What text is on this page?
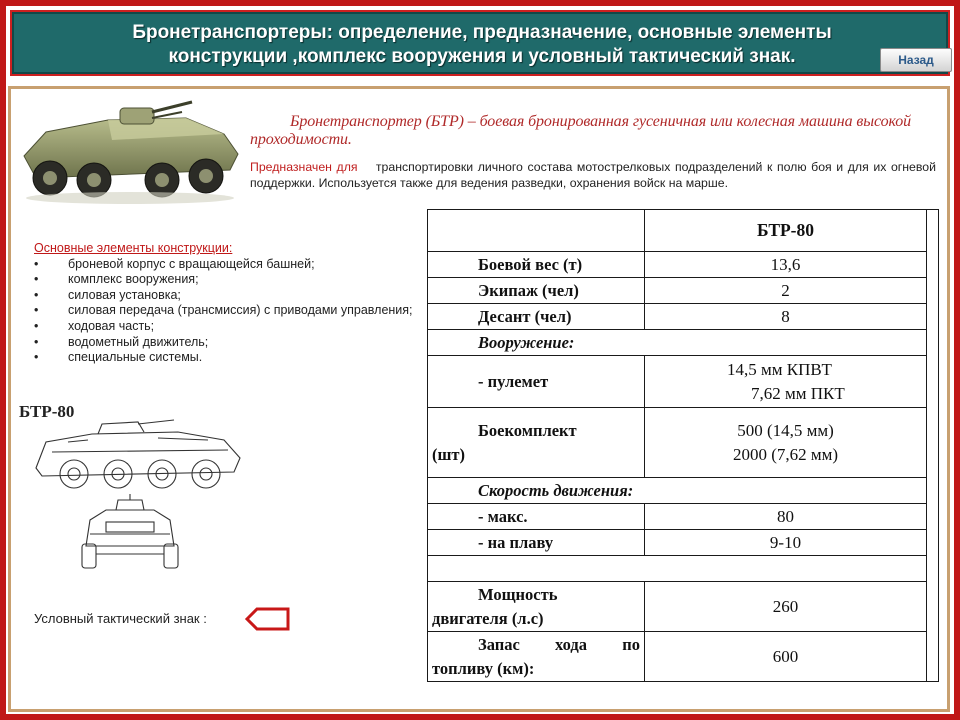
Бронетранспортеры: определение, предназначение, основные элементы
конструкции ,комплекс вооружения и условный тактический знак.	Назад
Бронетранспортер (БТР) – боевая бронированная гусеничная или колесная машина высокой проходимости.
Предназначен для транспортировки личного состава мотострелковых подразделений к полю боя и для их огневой поддержки. Используется также для ведения разведки, охранения войск на марше.
Основные элементы конструкции:
• броневой корпус с вращающейся башней;
• комплекс вооружения;
• силовая установка;
• силовая передача (трансмиссия) с приводами управления;
• ходовая часть;
• водометный движитель;
• специальные системы.
БТР-80
Условный тактический знак :
	БТР-80	
Боевой вес (т)	13,6	
Экипаж (чел)	2	
Десант (чел)	8	
Вооружение:		
- пулемет	14,5 мм КПВТ
7,62 мм ПКТ	

Боекомплект
(шт)	500 (14,5 мм)
2000 (7,62 мм)	

Скорость движения:		
- макс.	80	
- на плаву	9-10	

Мощность
двигателя (л.с)	260	

Запас хода по
топливу (км):	600	
